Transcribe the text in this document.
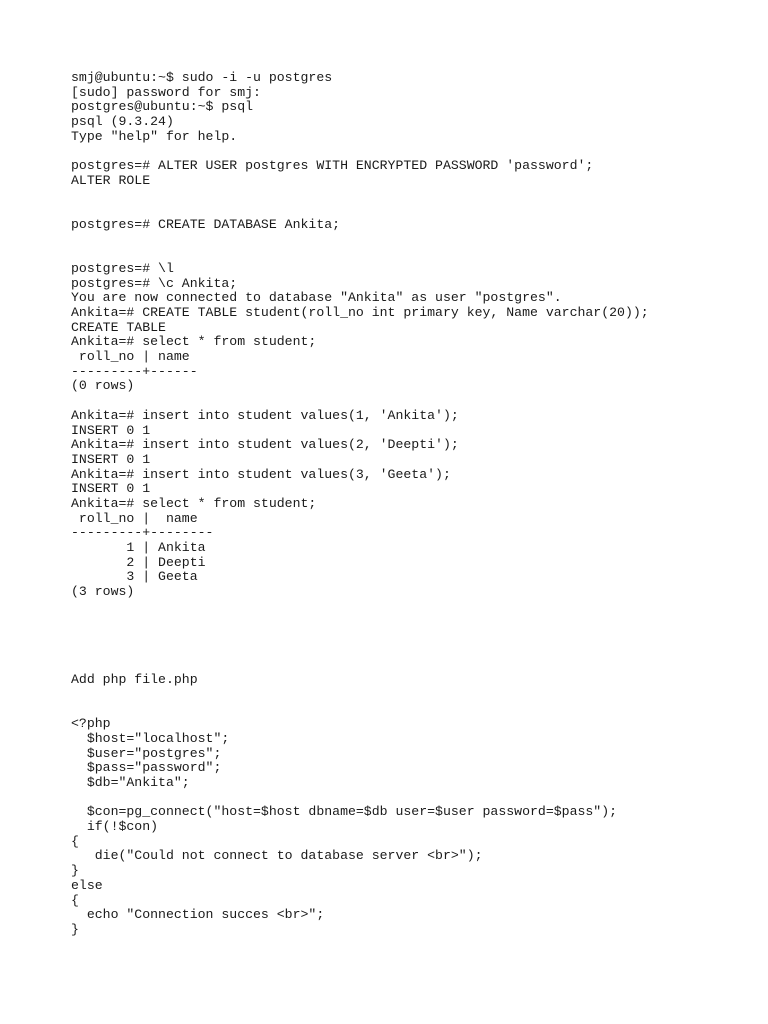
smj@ubuntu:~$ sudo -i -u postgres
[sudo] password for smj:
postgres@ubuntu:~$ psql
psql (9.3.24)
Type "help" for help.
postgres=# ALTER USER postgres WITH ENCRYPTED PASSWORD 'password';
ALTER ROLE
postgres=# CREATE DATABASE Ankita;
postgres=# \l
postgres=# \c Ankita;
You are now connected to database "Ankita" as user "postgres".
Ankita=# CREATE TABLE student(roll_no int primary key, Name varchar(20));
CREATE TABLE
Ankita=# select * from student;
roll_no | name
---------+------
(0 rows)
Ankita=# insert into student values(1, 'Ankita');
INSERT 0 1
Ankita=# insert into student values(2, 'Deepti');
INSERT 0 1
Ankita=# insert into student values(3, 'Geeta');
INSERT 0 1
Ankita=# select * from student;
roll_no |  name
---------+--------
1 | Ankita
2 | Deepti
3 | Geeta
(3 rows)
Add php file.php
<?php
$host="localhost";
$user="postgres";
$pass="password";
$db="Ankita";
$con=pg_connect("host=$host dbname=$db user=$user password=$pass");
if(!$con)
{
die("Could not connect to database server <br>");
}
else
{
echo "Connection succes <br>";
}
